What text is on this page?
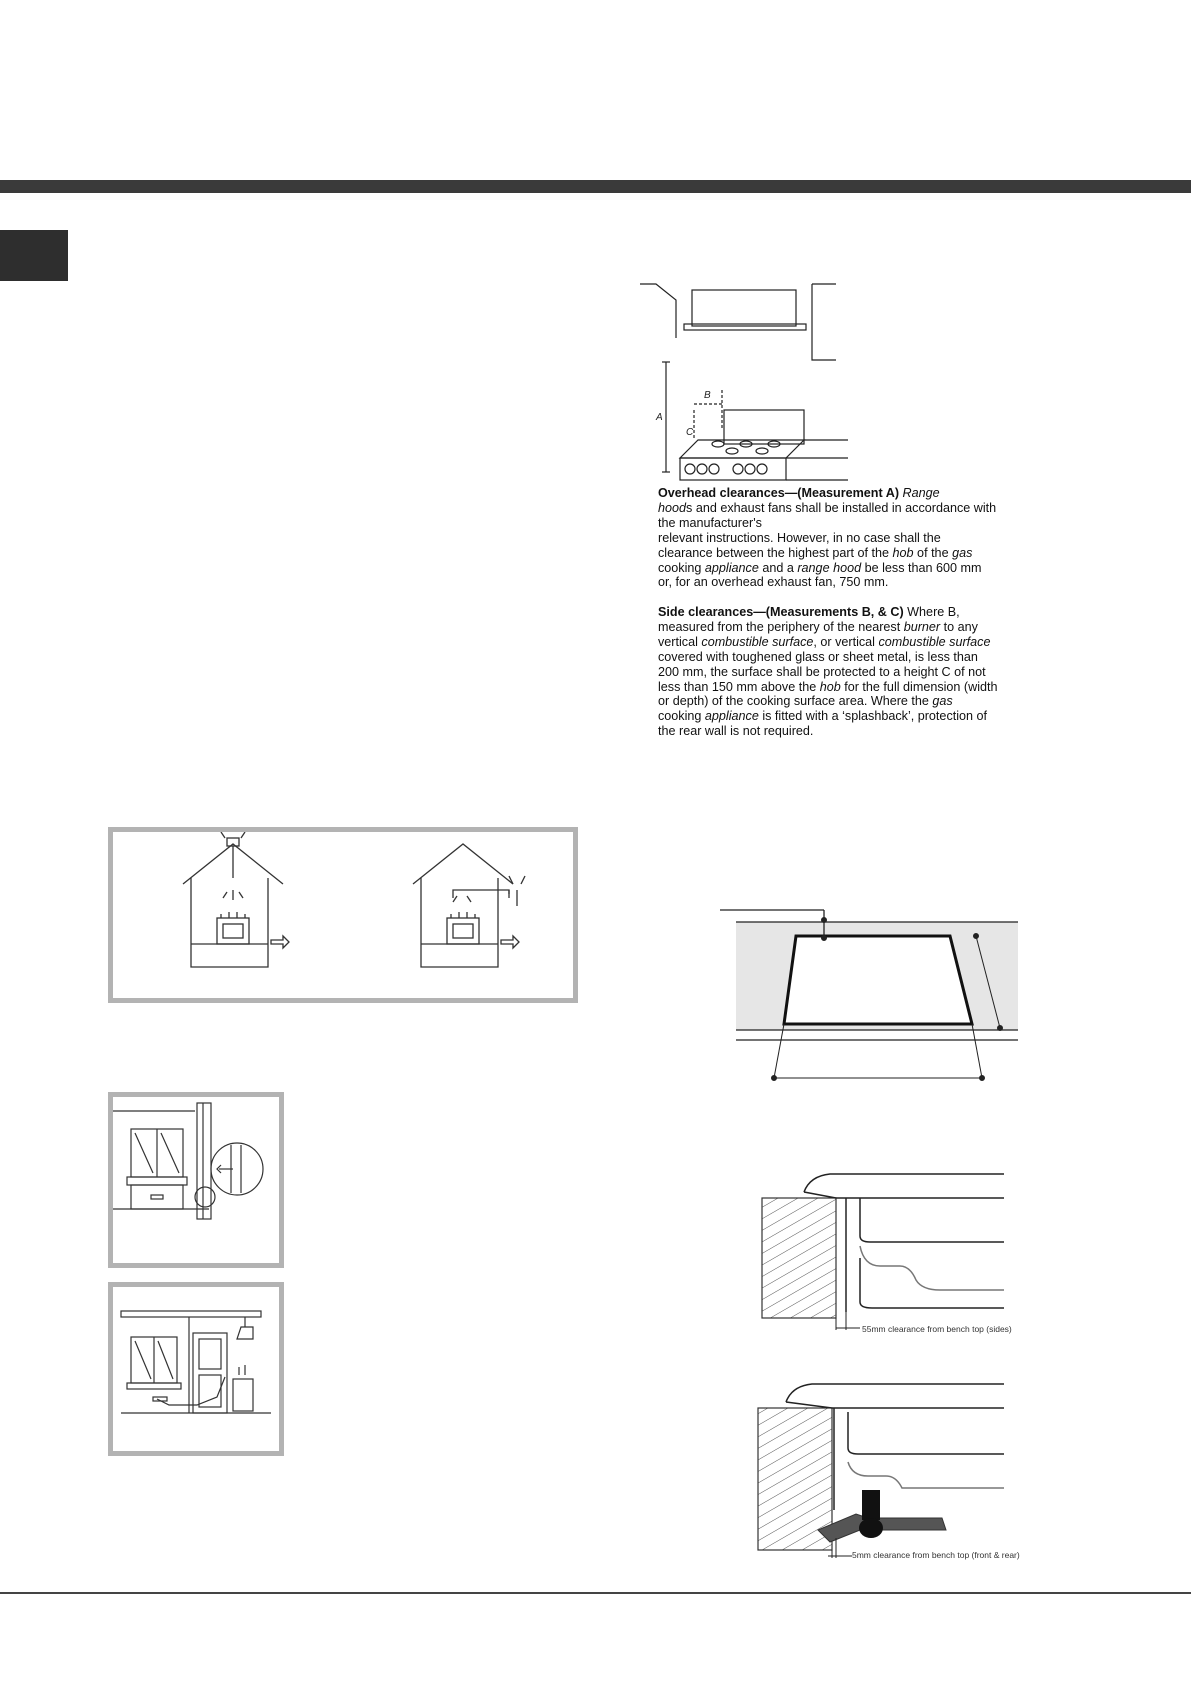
A
B
C

Overhead clearances—(Measurement A) Range
hoods and exhaust fans shall be installed in accordance with the manufacturer's
relevant instructions. However, in no case shall the clearance between the highest part of the hob of the gas cooking appliance and a range hood be less than 600 mm or, for an overhead exhaust fan, 750 mm.

Side clearances—(Measurements B, & C) Where B, measured from the periphery of the nearest burner to any vertical combustible surface, or vertical combustible surface covered with toughened glass or sheet metal, is less than 200 mm, the surface shall be protected to a height C of not less than 150 mm above the hob for the full dimension (width or depth) of the cooking surface area. Where the gas cooking appliance is fitted with a ‘splashback’, protection of the rear wall is not required.

55mm clearance from bench top (sides)
5mm clearance from bench top (front & rear)
